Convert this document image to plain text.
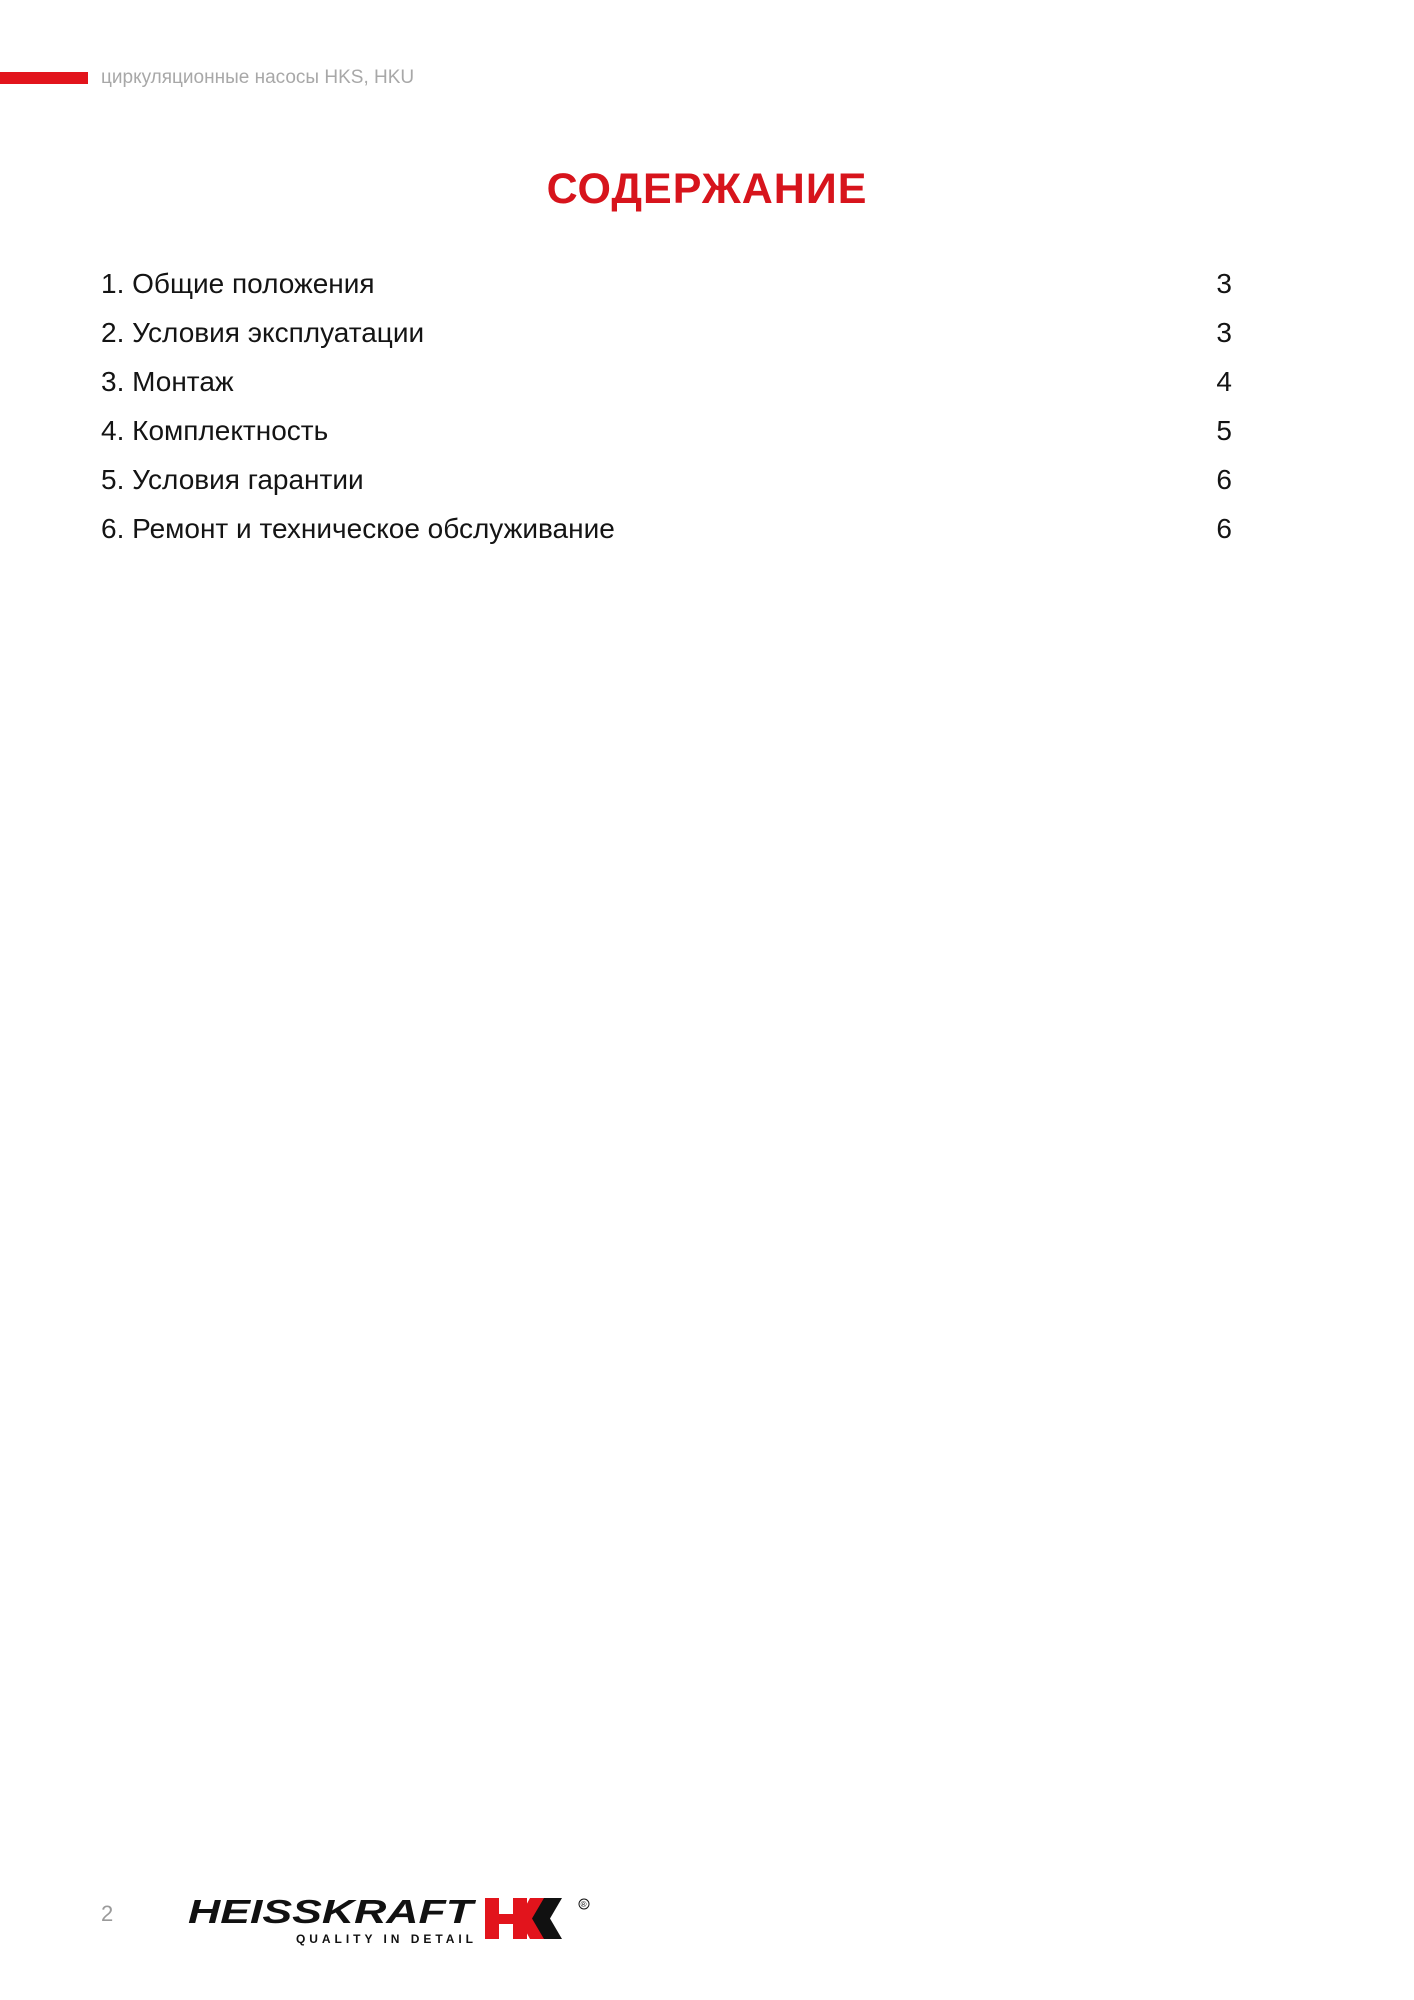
циркуляционные насосы HKS, HKU
СОДЕРЖАНИЕ
1. Общие положения	3
2. Условия эксплуатации	3
3. Монтаж	4
4. Комплектность	5
5. Условия гарантии	6
6. Ремонт и техническое обслуживание	6
2 HEISSKRAFT
QUALITY IN DETAIL
®
